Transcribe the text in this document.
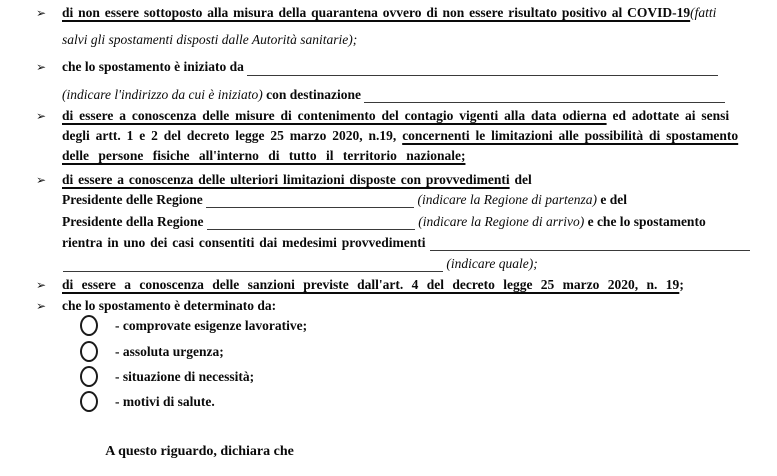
➢	di non essere sottoposto alla misura della quarantena ovvero di non essere risultato positivo al COVID-19 (fatti
salvi gli spostamenti disposti dalle Autorità sanitarie);
➢	che lo spostamento è iniziato da
(indicare l'indirizzo da cui è iniziato) con destinazione
➢	di essere a conoscenza delle misure di contenimento del contagio vigenti alla data odierna ed adottate ai sensi
degli artt. 1 e 2 del decreto legge 25 marzo 2020, n.19, concernenti le limitazioni alle possibilità di spostamento
delle persone fisiche all'interno di tutto il territorio nazionale;
➢	di essere a conoscenza delle ulteriori limitazioni disposte con provvedimenti del
Presidente delle Regione	(indicare la Regione di partenza) e del
Presidente della Regione	(indicare la Regione di arrivo) e che lo spostamento
rientra in uno dei casi consentiti dai medesimi provvedimenti
(indicare quale);
➢	di essere a conoscenza delle sanzioni previste dall'art. 4 del decreto legge 25 marzo 2020, n. 19 ;
➢	che lo spostamento è determinato da:
- comprovate esigenze lavorative;
- assoluta urgenza;
- situazione di necessità;
- motivi di salute.

A questo riguardo, dichiara che
